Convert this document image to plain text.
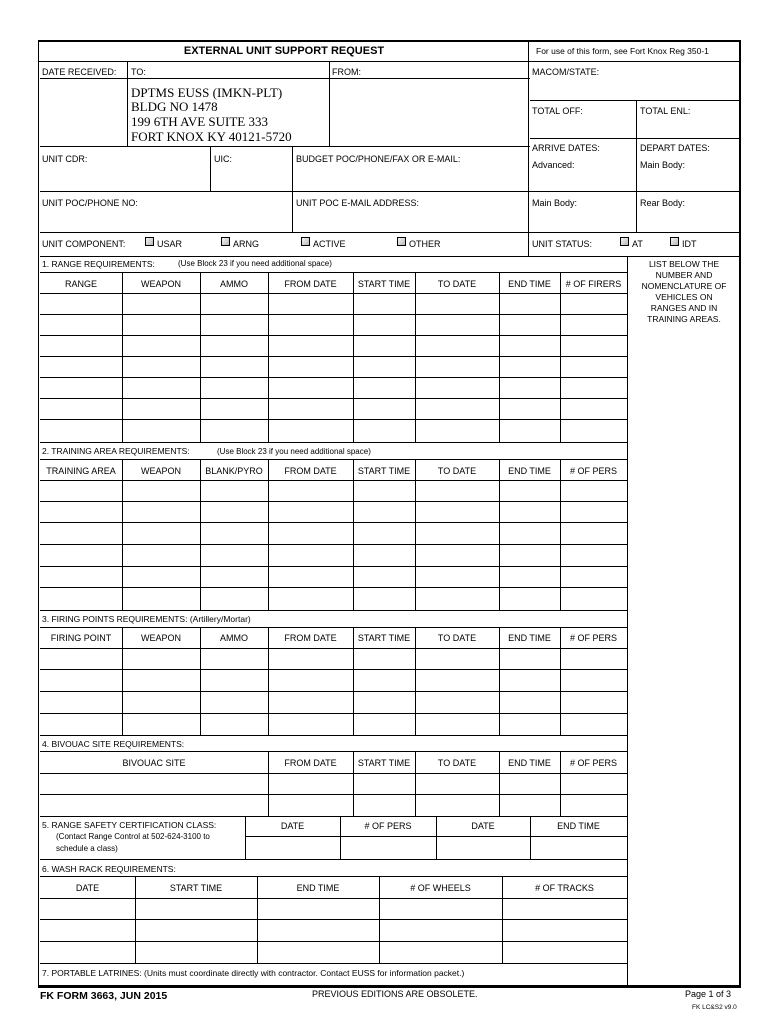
EXTERNAL UNIT SUPPORT REQUEST	For use of this form, see Fort Knox Reg 350-1
DATE RECEIVED: TO:
DPTMS EUSS (IMKN-PLT)
BLDG NO 1478
199 6TH AVE SUITE 333
FORT KNOX KY 40121-5720
FROM:	MACOM/STATE:
TOTAL OFF:	TOTAL ENL:
ARRIVE DATES:	DEPART DATES:
Advanced:	Main Body:
UNIT CDR:	UIC:	BUDGET POC/PHONE/FAX OR E-MAIL:
UNIT POC/PHONE NO:	UNIT POC E-MAIL ADDRESS:	Main Body:	Rear Body:
UNIT COMPONENT:	USAR	ARNG	ACTIVE	OTHER	UNIT STATUS:	AT	IDT
LIST BELOW THE
NUMBER AND
NOMENCLATURE OF
VEHICLES ON
RANGES AND IN
TRAINING AREAS.
1. RANGE REQUIREMENTS:	(Use Block 23 if you need additional space)
RANGE	WEAPON	AMMO	FROM DATE	START TIME	TO DATE	END TIME	# OF FIRERS
2. TRAINING AREA REQUIREMENTS:	(Use Block 23 if you need additional space)
TRAINING AREA	WEAPON	BLANK/PYRO	FROM DATE	START TIME	TO DATE	END TIME	# OF PERS
3. FIRING POINTS REQUIREMENTS: (Artillery/Mortar)
FIRING POINT	WEAPON	AMMO	FROM DATE	START TIME	TO DATE	END TIME	# OF PERS
4. BIVOUAC SITE REQUIREMENTS:
BIVOUAC SITE	FROM DATE	START TIME	TO DATE	END TIME	# OF PERS
5. RANGE SAFETY CERTIFICATION CLASS:
(Contact Range Control at 502-624-3100 to
schedule a class)
DATE	# OF PERS	DATE	END TIME
6. WASH RACK REQUIREMENTS:
DATE	START TIME	END TIME	# OF WHEELS	# OF TRACKS
7. PORTABLE LATRINES: (Units must coordinate directly with contractor. Contact EUSS for information packet.)
FK FORM 3663, JUN 2015	PREVIOUS EDITIONS ARE OBSOLETE.	Page 1 of 3
FK LC&S2 v9.0
